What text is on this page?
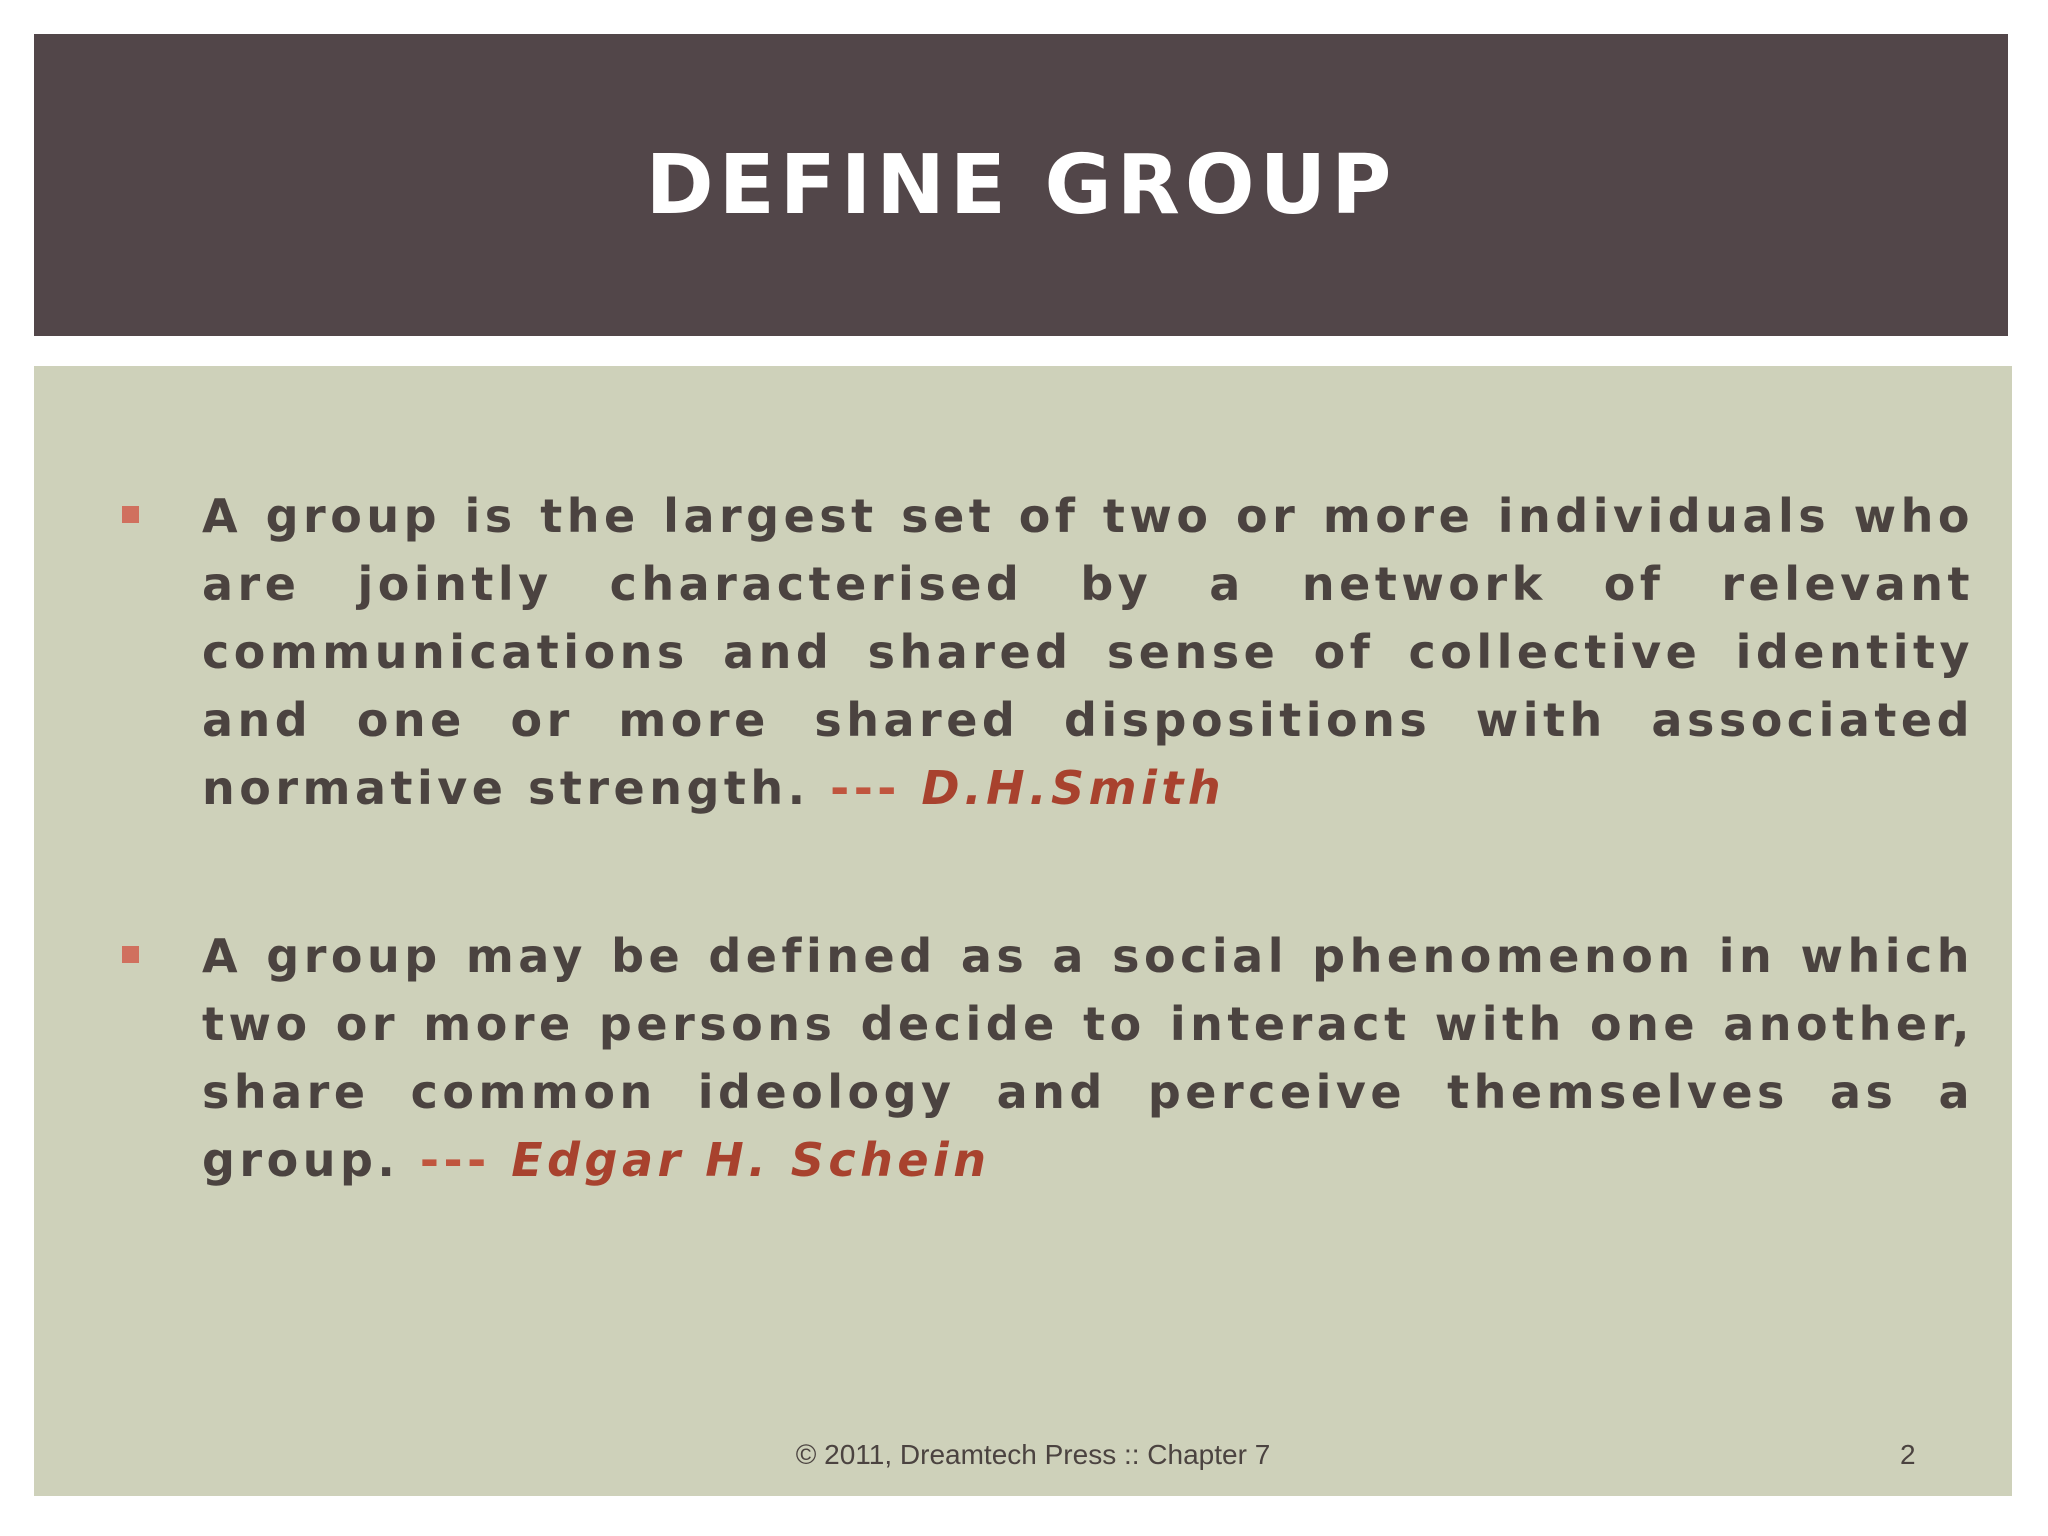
DEFINE GROUP
A group is the largest set of two or more individuals who are jointly characterised by a network of relevant communications and shared sense of collective identity and one or more shared dispositions with associated normative strength. --- D.H.Smith
A group may be defined as a social phenomenon in which two or more persons decide to interact with one another, share common ideology and perceive themselves as a group. --- Edgar H. Schein
© 2011, Dreamtech Press :: Chapter 7	2
